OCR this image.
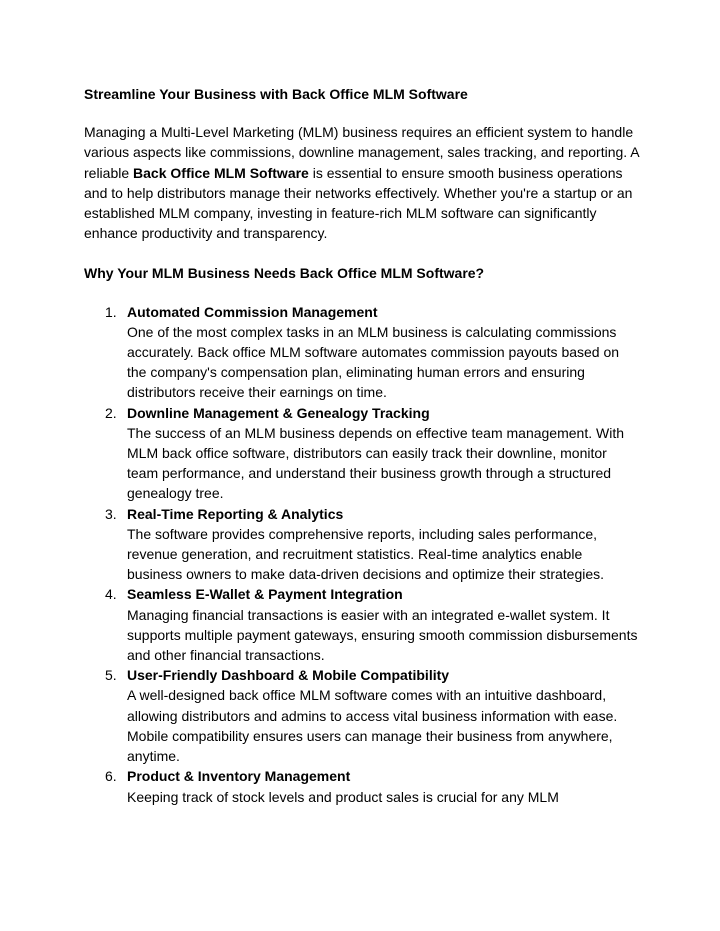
Streamline Your Business with Back Office MLM Software

Managing a Multi-Level Marketing (MLM) business requires an efficient system to handle various aspects like commissions, downline management, sales tracking, and reporting. A reliable Back Office MLM Software is essential to ensure smooth business operations and to help distributors manage their networks effectively. Whether you're a startup or an established MLM company, investing in feature-rich MLM software can significantly enhance productivity and transparency.

Why Your MLM Business Needs Back Office MLM Software?

1. Automated Commission Management
One of the most complex tasks in an MLM business is calculating commissions accurately. Back office MLM software automates commission payouts based on the company's compensation plan, eliminating human errors and ensuring distributors receive their earnings on time.
2. Downline Management & Genealogy Tracking
The success of an MLM business depends on effective team management. With MLM back office software, distributors can easily track their downline, monitor team performance, and understand their business growth through a structured genealogy tree.
3. Real-Time Reporting & Analytics
The software provides comprehensive reports, including sales performance, revenue generation, and recruitment statistics. Real-time analytics enable business owners to make data-driven decisions and optimize their strategies.
4. Seamless E-Wallet & Payment Integration
Managing financial transactions is easier with an integrated e-wallet system. It supports multiple payment gateways, ensuring smooth commission disbursements and other financial transactions.
5. User-Friendly Dashboard & Mobile Compatibility
A well-designed back office MLM software comes with an intuitive dashboard, allowing distributors and admins to access vital business information with ease. Mobile compatibility ensures users can manage their business from anywhere, anytime.
6. Product & Inventory Management
Keeping track of stock levels and product sales is crucial for any MLM
